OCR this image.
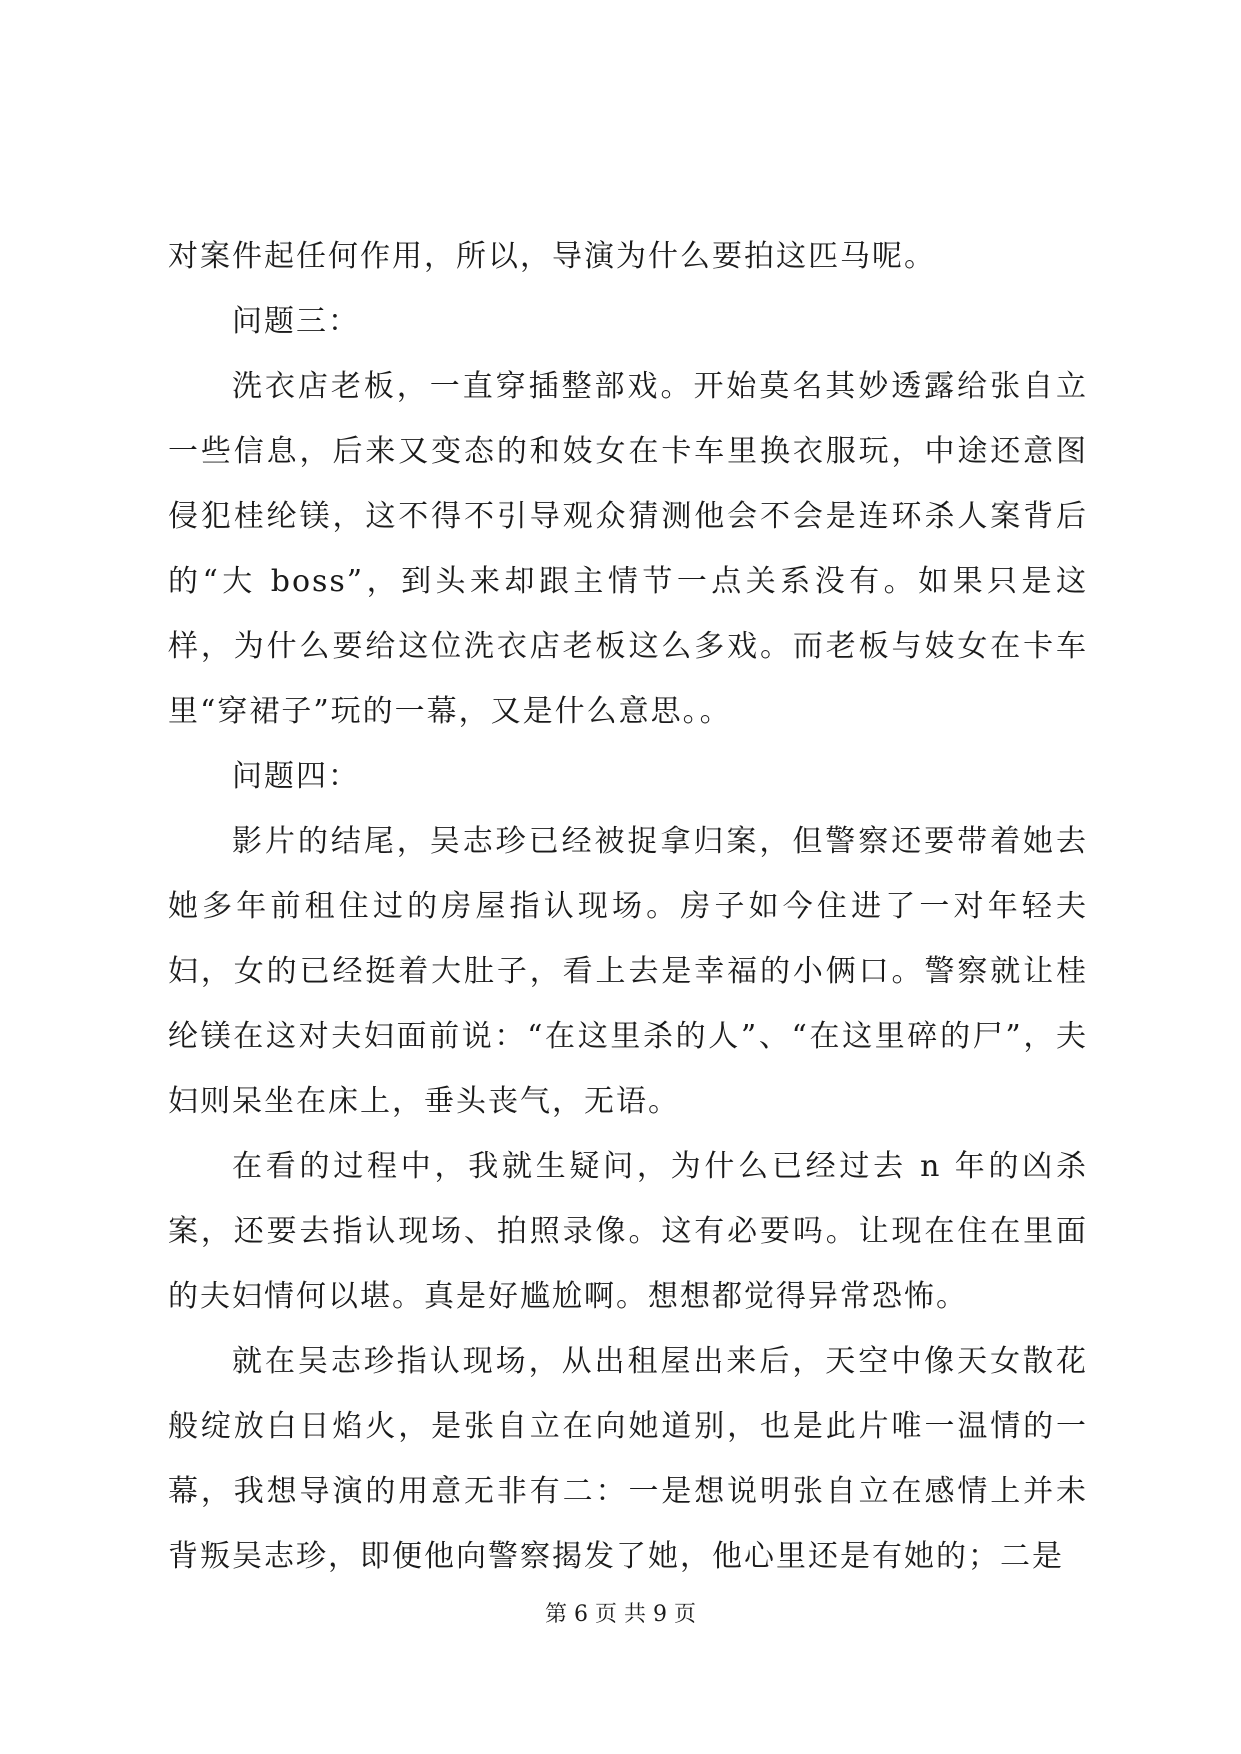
对案件起任何作用，所以，导演为什么要拍这匹马呢。

问题三：

洗衣店老板，一直穿插整部戏。开始莫名其妙透露给张自立一些信息，后来又变态的和妓女在卡车里换衣服玩，中途还意图侵犯桂纶镁，这不得不引导观众猜测他会不会是连环杀人案背后的“大 boss”，到头来却跟主情节一点关系没有。如果只是这样，为什么要给这位洗衣店老板这么多戏。而老板与妓女在卡车里“穿裙子”玩的一幕，又是什么意思。。

问题四：

影片的结尾，吴志珍已经被捉拿归案，但警察还要带着她去她多年前租住过的房屋指认现场。房子如今住进了一对年轻夫妇，女的已经挺着大肚子，看上去是幸福的小俩口。警察就让桂纶镁在这对夫妇面前说：“在这里杀的人”、“在这里碎的尸”，夫妇则呆坐在床上，垂头丧气，无语。

在看的过程中，我就生疑问，为什么已经过去 n 年的凶杀案，还要去指认现场、拍照录像。这有必要吗。让现在住在里面的夫妇情何以堪。真是好尴尬啊。想想都觉得异常恐怖。

就在吴志珍指认现场，从出租屋出来后，天空中像天女散花般绽放白日焰火，是张自立在向她道别，也是此片唯一温情的一幕，我想导演的用意无非有二：一是想说明张自立在感情上并未背叛吴志珍，即便他向警察揭发了她，他心里还是有她的；二是

第 6 页 共 9 页
